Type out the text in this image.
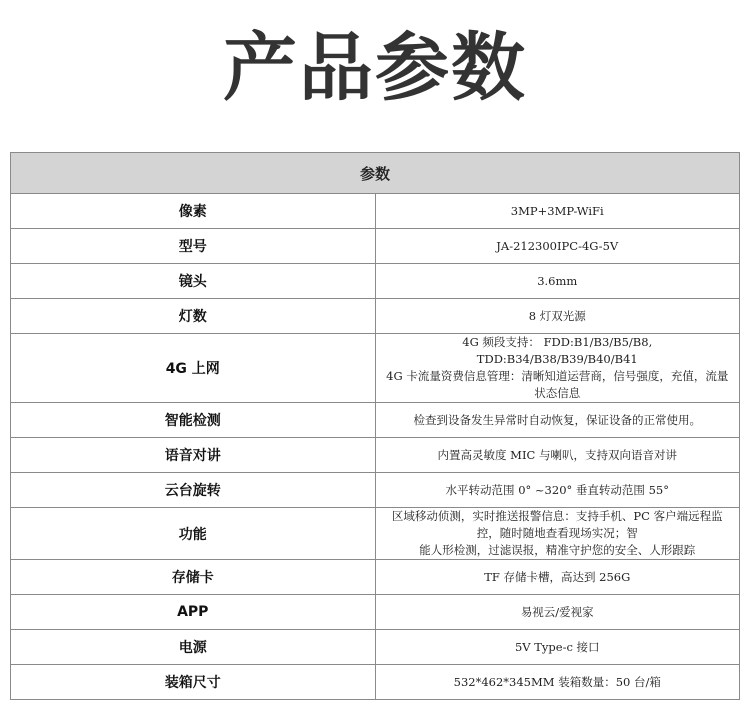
产品参数
参数	
像素	3MP+3MP-WiFi

型号	JA-212300IPC-4G-5V

镜头	3.6mm

灯数	8 灯双光源

4G 上网	4G 频段支持： FDD:B1/B3/B5/B8, TDD:B34/B38/B39/B40/B41
4G 卡流量资费信息管理：清晰知道运营商，信号强度，充值，流量状态信息

智能检测	检查到设备发生异常时自动恢复，保证设备的正常使用。

语音对讲	内置高灵敏度 MIC 与喇叭，支持双向语音对讲

云台旋转	水平转动范围 0° ~320° 垂直转动范围 55°

功能	区域移动侦测，实时推送报警信息：支持手机、PC 客户端远程监控，随时随地查看现场实况；智
能人形检测，过滤误报，精准守护您的安全、人形跟踪

存储卡	TF 存储卡槽，高达到 256G

APP	易视云/爱视家

电源	5V Type-c 接口

装箱尺寸	532*462*345MM 装箱数量：50 台/箱
